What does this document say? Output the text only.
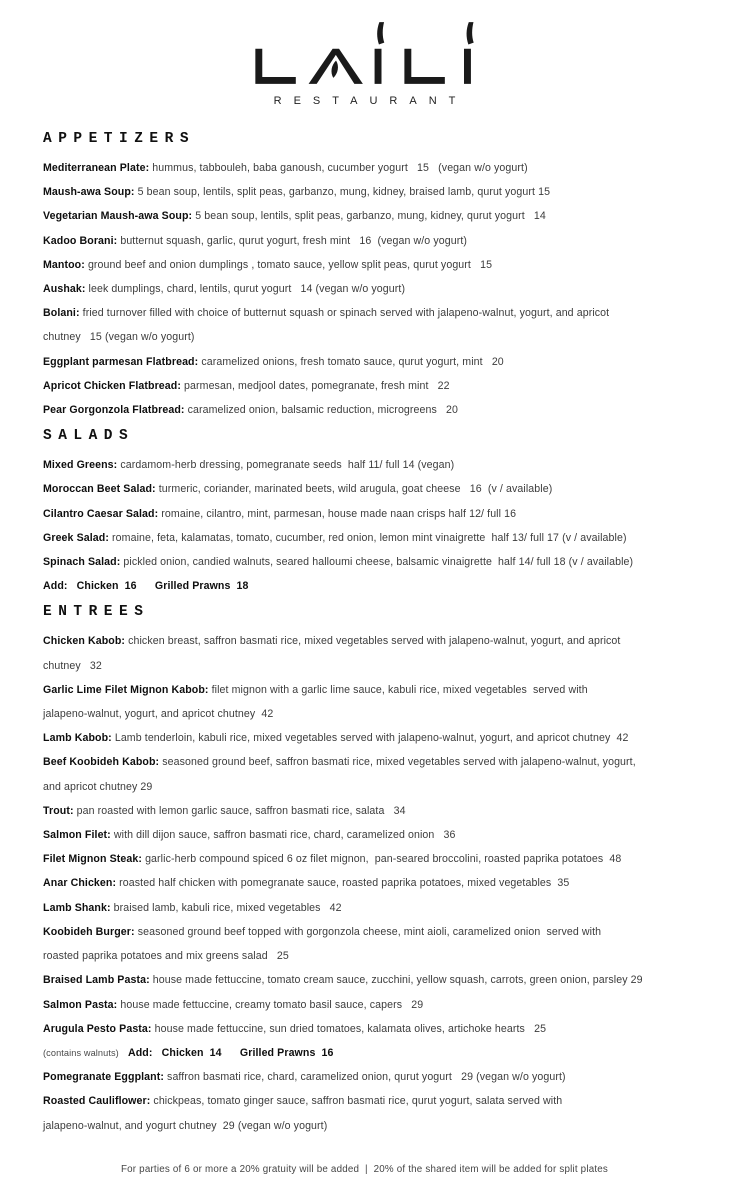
RESTAURANT
APPETIZERS

Mediterranean Plate: hummus, tabbouleh, baba ganoush, cucumber yogurt   15   (vegan w/o yogurt)

Maush-awa Soup: 5 bean soup, lentils, split peas, garbanzo, mung, kidney, braised lamb, qurut yogurt 15

Vegetarian Maush-awa Soup: 5 bean soup, lentils, split peas, garbanzo, mung, kidney, qurut yogurt   14

Kadoo Borani: butternut squash, garlic, qurut yogurt, fresh mint   16  (vegan w/o yogurt)

Mantoo: ground beef and onion dumplings , tomato sauce, yellow split peas, qurut yogurt   15

Aushak: leek dumplings, chard, lentils, qurut yogurt   14 (vegan w/o yogurt)

Bolani: fried turnover filled with choice of butternut squash or spinach served with jalapeno-walnut, yogurt, and apricot
chutney   15 (vegan w/o yogurt)

Eggplant parmesan Flatbread: caramelized onions, fresh tomato sauce, qurut yogurt, mint   20

Apricot Chicken Flatbread: parmesan, medjool dates, pomegranate, fresh mint   22

Pear Gorgonzola Flatbread: caramelized onion, balsamic reduction, microgreens   20

SALADS

Mixed Greens: cardamom-herb dressing, pomegranate seeds  half 11/ full 14 (vegan)

Moroccan Beet Salad: turmeric, coriander, marinated beets, wild arugula, goat cheese   16  (v / available)

Cilantro Caesar Salad: romaine, cilantro, mint, parmesan, house made naan crisps half 12/ full 16

Greek Salad: romaine, feta, kalamatas, tomato, cucumber, red onion, lemon mint vinaigrette  half 13/ full 17 (v / available)

Spinach Salad: pickled onion, candied walnuts, seared halloumi cheese, balsamic vinaigrette  half 14/ full 18 (v / available)

Add:   Chicken  16      Grilled Prawns  18

ENTREES

Chicken Kabob: chicken breast, saffron basmati rice, mixed vegetables served with jalapeno-walnut, yogurt, and apricot
chutney   32

Garlic Lime Filet Mignon Kabob: filet mignon with a garlic lime sauce, kabuli rice, mixed vegetables  served with
jalapeno-walnut, yogurt, and apricot chutney  42

Lamb Kabob: Lamb tenderloin, kabuli rice, mixed vegetables served with jalapeno-walnut, yogurt, and apricot chutney  42

Beef Koobideh Kabob: seasoned ground beef, saffron basmati rice, mixed vegetables served with jalapeno-walnut, yogurt,
and apricot chutney 29

Trout: pan roasted with lemon garlic sauce, saffron basmati rice, salata   34

Salmon Filet: with dill dijon sauce, saffron basmati rice, chard, caramelized onion   36

Filet Mignon Steak: garlic-herb compound spiced 6 oz filet mignon,  pan-seared broccolini, roasted paprika potatoes  48

Anar Chicken: roasted half chicken with pomegranate sauce, roasted paprika potatoes, mixed vegetables  35

Lamb Shank: braised lamb, kabuli rice, mixed vegetables   42

Koobideh Burger: seasoned ground beef topped with gorgonzola cheese, mint aioli, caramelized onion  served with
roasted paprika potatoes and mix greens salad   25

Braised Lamb Pasta: house made fettuccine, tomato cream sauce, zucchini, yellow squash, carrots, green onion, parsley 29

Salmon Pasta: house made fettuccine, creamy tomato basil sauce, capers   29

Arugula Pesto Pasta: house made fettuccine, sun dried tomatoes, kalamata olives, artichoke hearts   25

(contains walnuts) Add:   Chicken  14      Grilled Prawns  16

Pomegranate Eggplant: saffron basmati rice, chard, caramelized onion, qurut yogurt   29 (vegan w/o yogurt)

Roasted Cauliflower: chickpeas, tomato ginger sauce, saffron basmati rice, qurut yogurt, salata served with
jalapeno-walnut, and yogurt chutney  29 (vegan w/o yogurt)

For parties of 6 or more a 20% gratuity will be added  |  20% of the shared item will be added for split plates
